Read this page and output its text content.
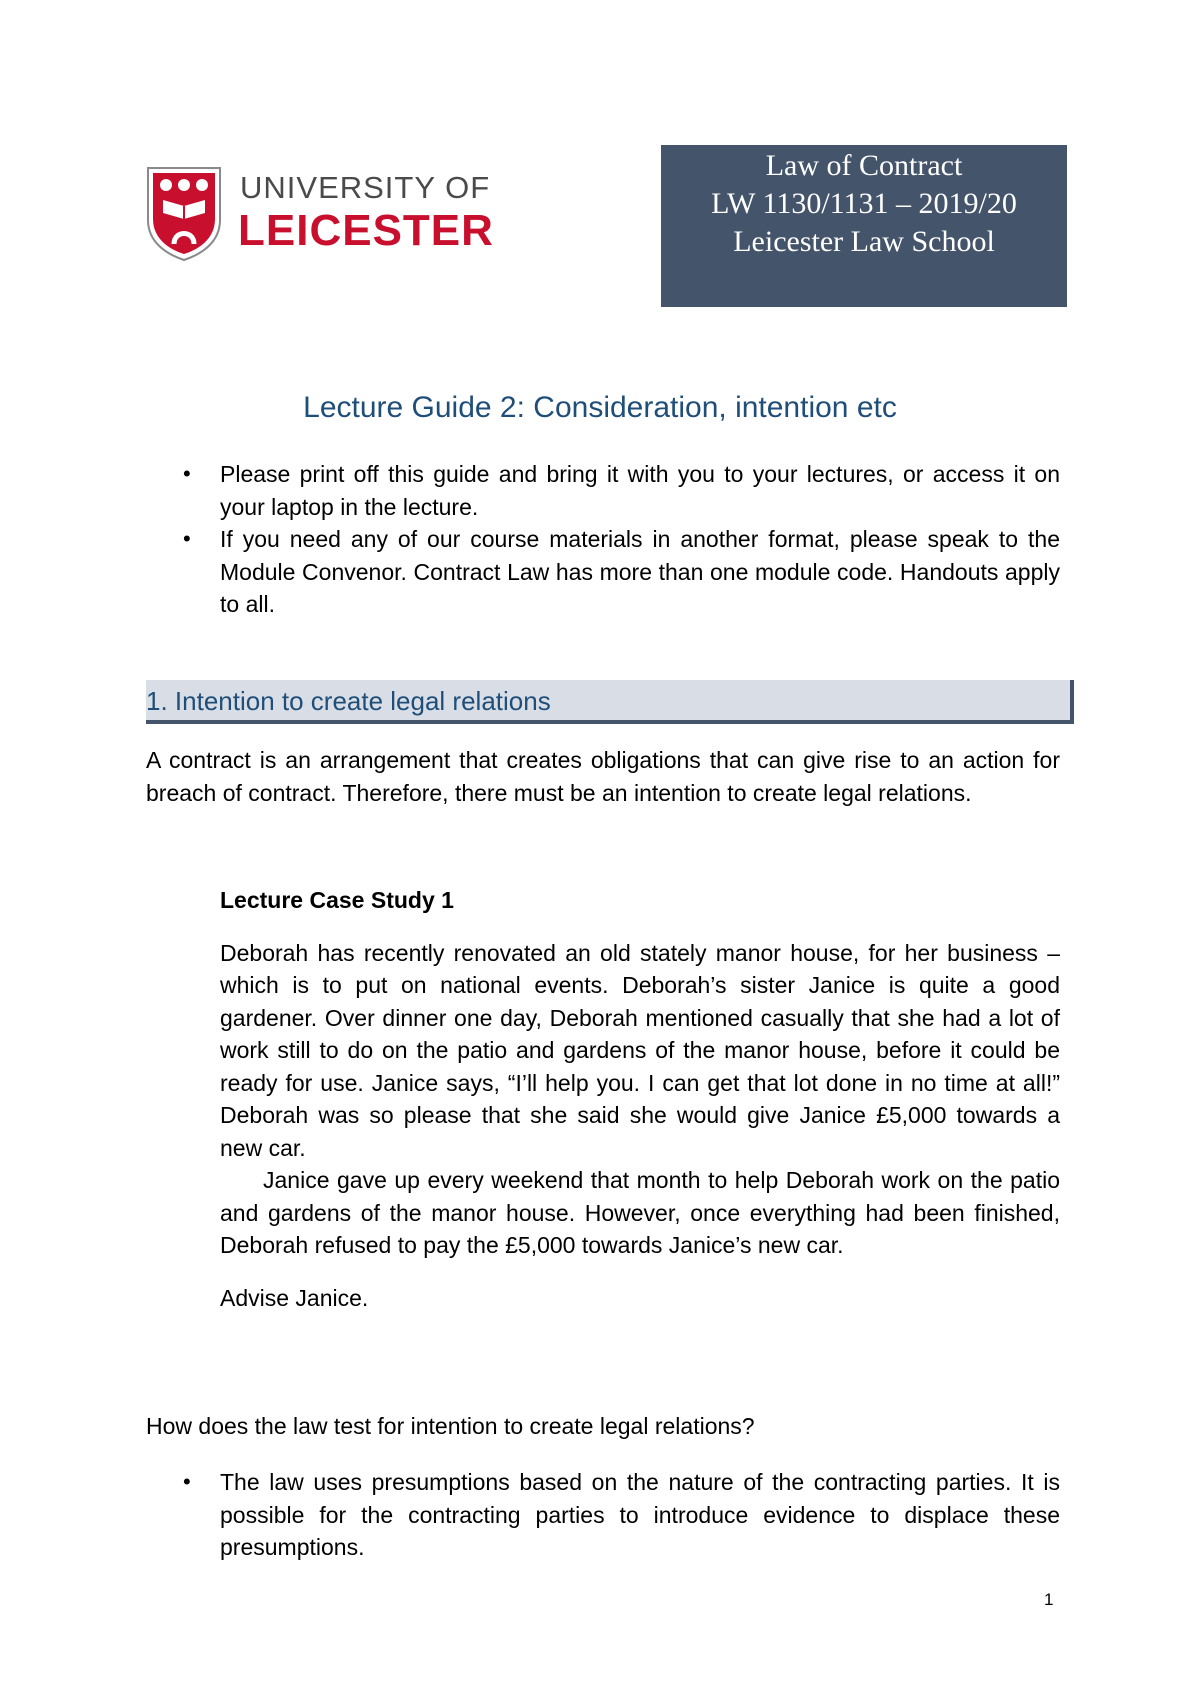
UNIVERSITY OF
LEICESTER
Law of Contract
LW 1130/1131 – 2019/20
Leicester Law School
Lecture Guide 2: Consideration, intention etc
• Please print off this guide and bring it with you to your lectures, or access it on your laptop in the lecture.
• If you need any of our course materials in another format, please speak to the Module Convenor. Contract Law has more than one module code. Handouts apply to all.
1. Intention to create legal relations
A contract is an arrangement that creates obligations that can give rise to an action for breach of contract. Therefore, there must be an intention to create legal relations.

Lecture Case Study 1

Deborah has recently renovated an old stately manor house, for her business – which is to put on national events. Deborah’s sister Janice is quite a good gardener. Over dinner one day, Deborah mentioned casually that she had a lot of work still to do on the patio and gardens of the manor house, before it could be ready for use. Janice says, “I’ll help you. I can get that lot done in no time at all!” Deborah was so please that she said she would give Janice £5,000 towards a new car.

Janice gave up every weekend that month to help Deborah work on the patio and gardens of the manor house. However, once everything had been finished, Deborah refused to pay the £5,000 towards Janice’s new car.

Advise Janice.

How does the law test for intention to create legal relations?
• The law uses presumptions based on the nature of the contracting parties. It is possible for the contracting parties to introduce evidence to displace these presumptions.
1
